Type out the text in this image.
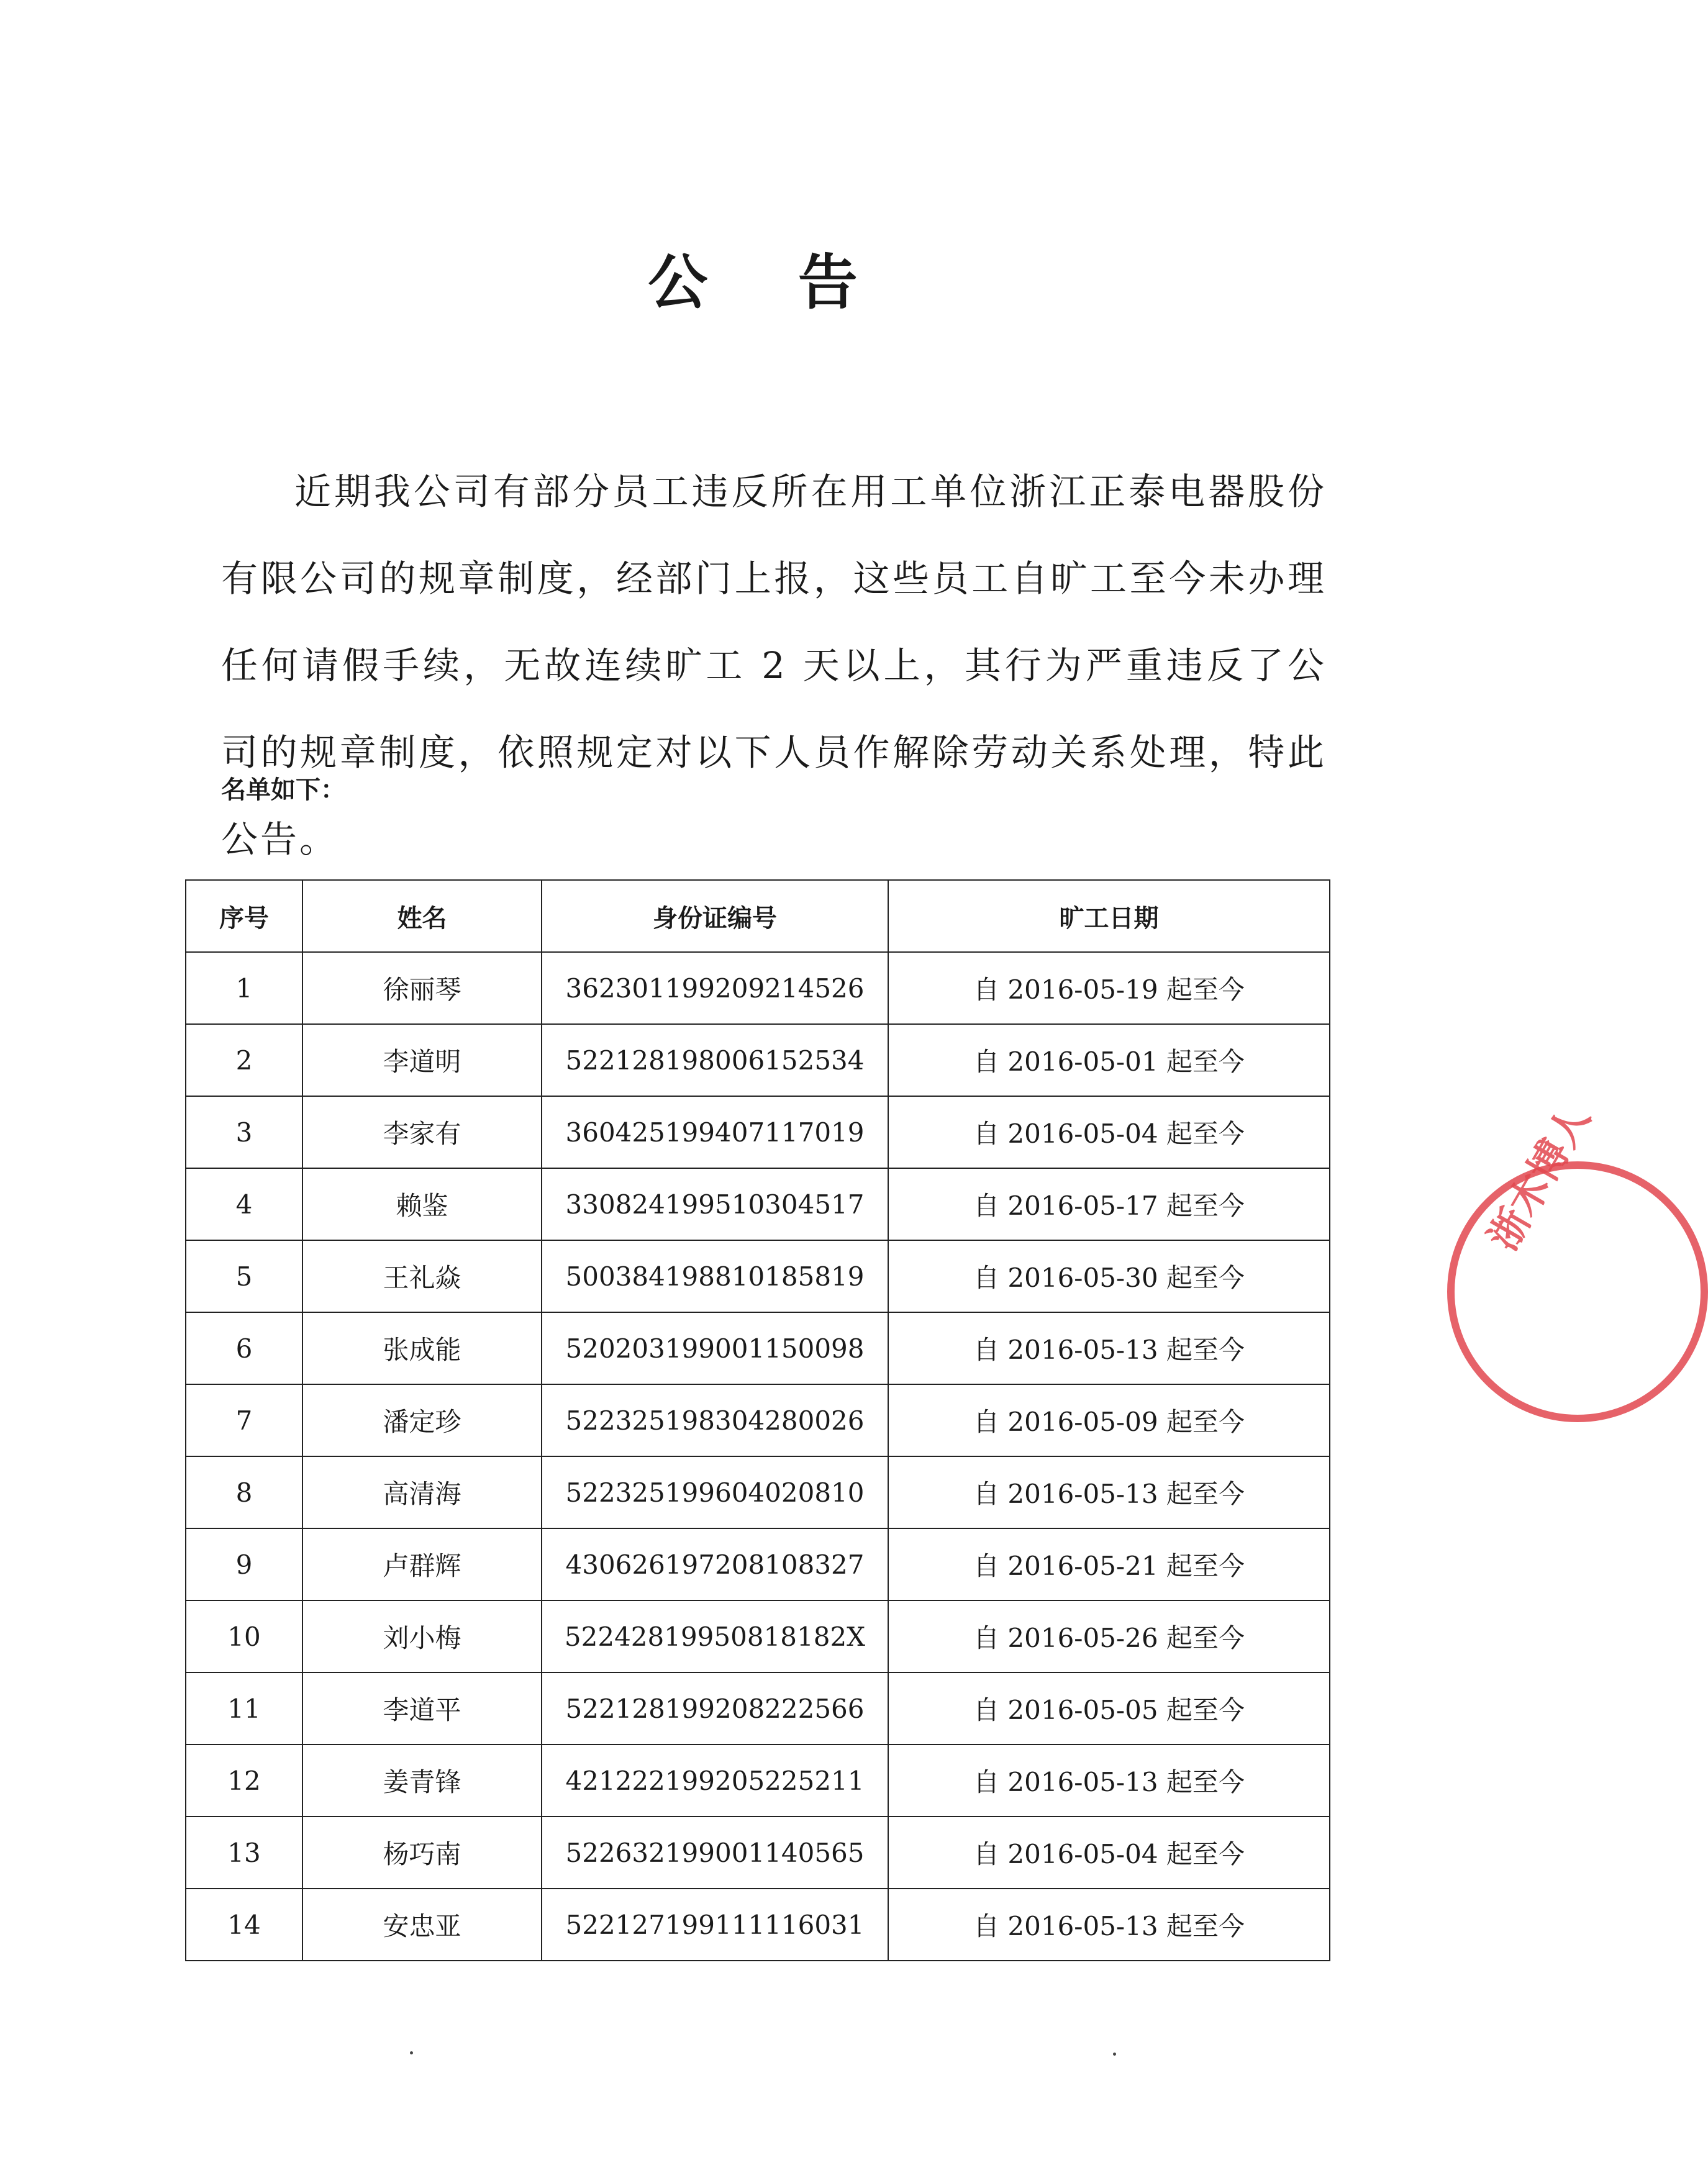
公 告

近期我公司有部分员工违反所在用工单位浙江正泰电器股份有限公司的规章制度，经部门上报，这些员工自旷工至今未办理任何请假手续，无故连续旷工 2 天以上，其行为严重违反了公司的规章制度，依照规定对以下人员作解除劳动关系处理，特此公告。

名单如下：
序号	姓名	身份证编号	旷工日期
1	徐丽琴	362301199209214526	自 2016-05-19 起至今
2	李道明	522128198006152534	自 2016-05-01 起至今
3	李家有	360425199407117019	自 2016-05-04 起至今
4	赖鉴	330824199510304517	自 2016-05-17 起至今
5	王礼焱	500384198810185819	自 2016-05-30 起至今
6	张成能	520203199001150098	自 2016-05-13 起至今
7	潘定珍	522325198304280026	自 2016-05-09 起至今
8	高清海	522325199604020810	自 2016-05-13 起至今
9	卢群辉	430626197208108327	自 2016-05-21 起至今
10	刘小梅	52242819950818182X	自 2016-05-26 起至今
11	李道平	522128199208222566	自 2016-05-05 起至今
12	姜青锋	421222199205225211	自 2016-05-13 起至今
13	杨巧南	522632199001140565	自 2016-05-04 起至今
14	安忠亚	522127199111116031	自 2016-05-13 起至今
浙木博人
